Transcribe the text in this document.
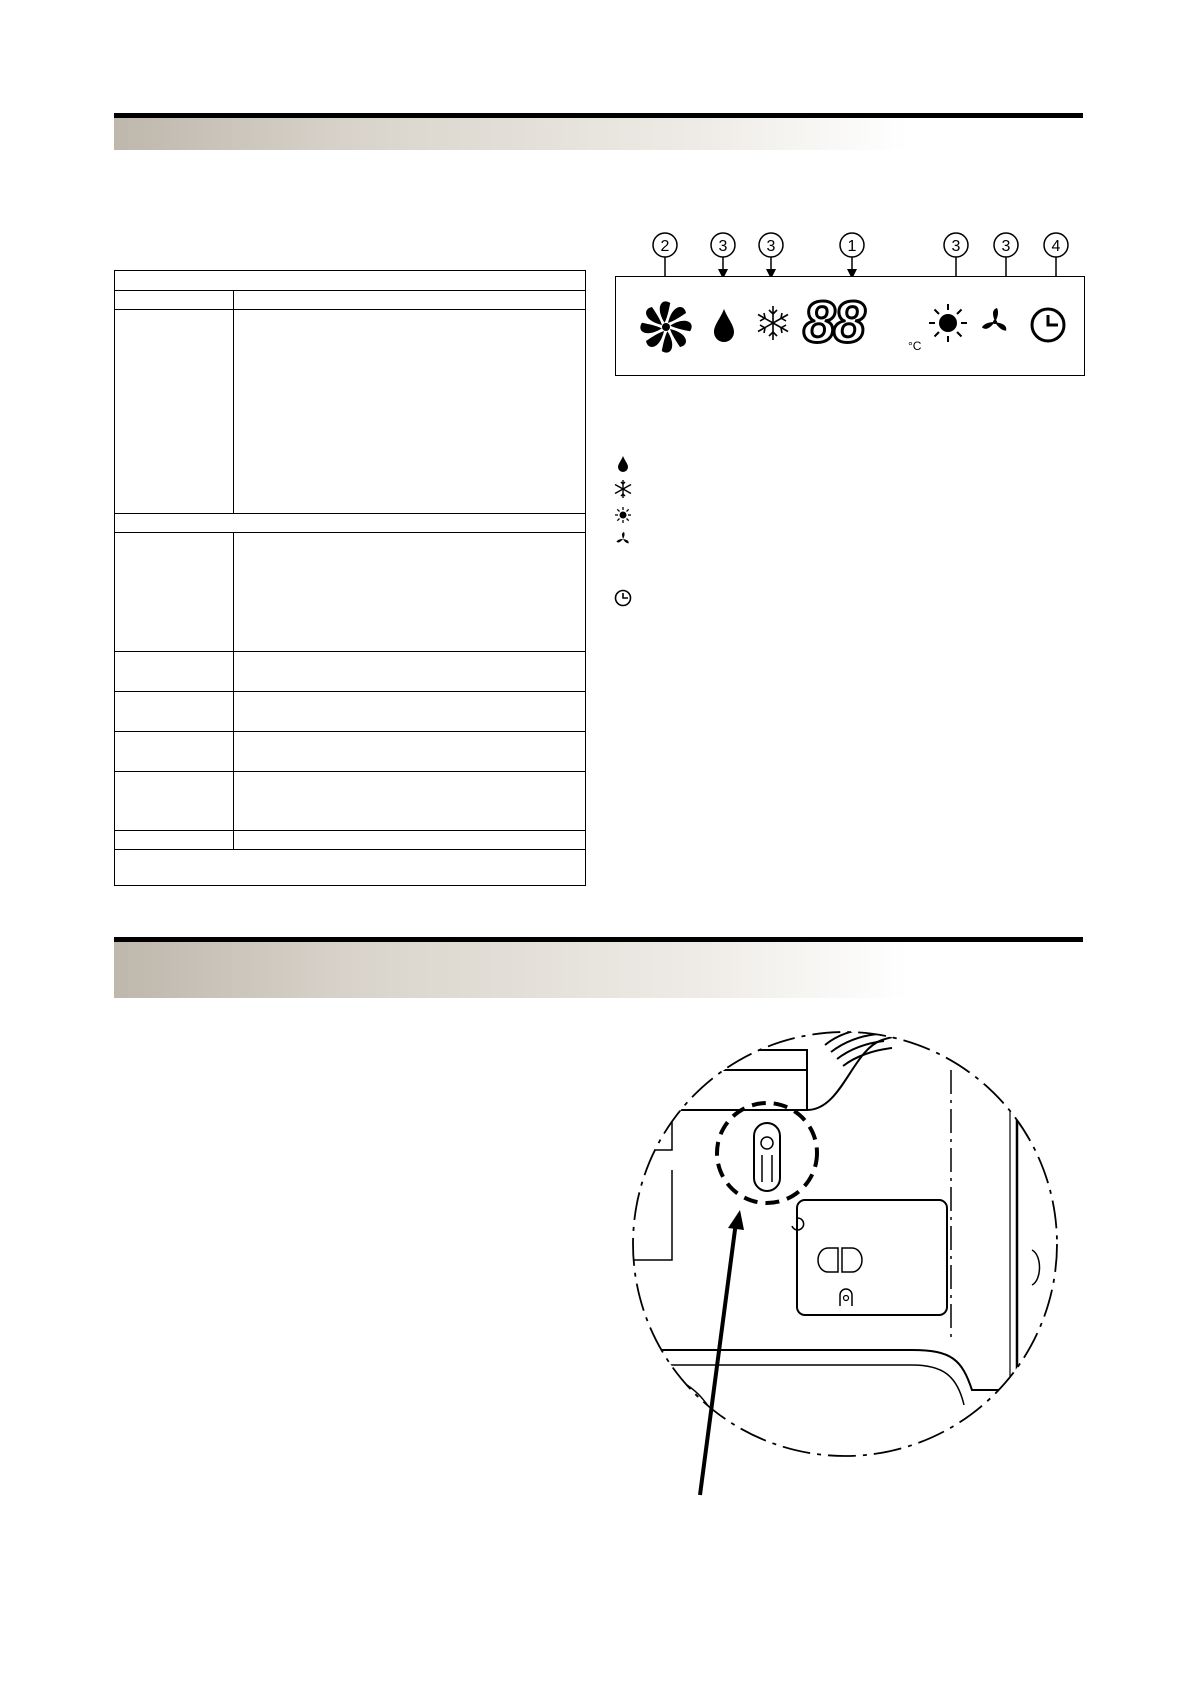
2	3 3	1	3	3	4
88	°C
